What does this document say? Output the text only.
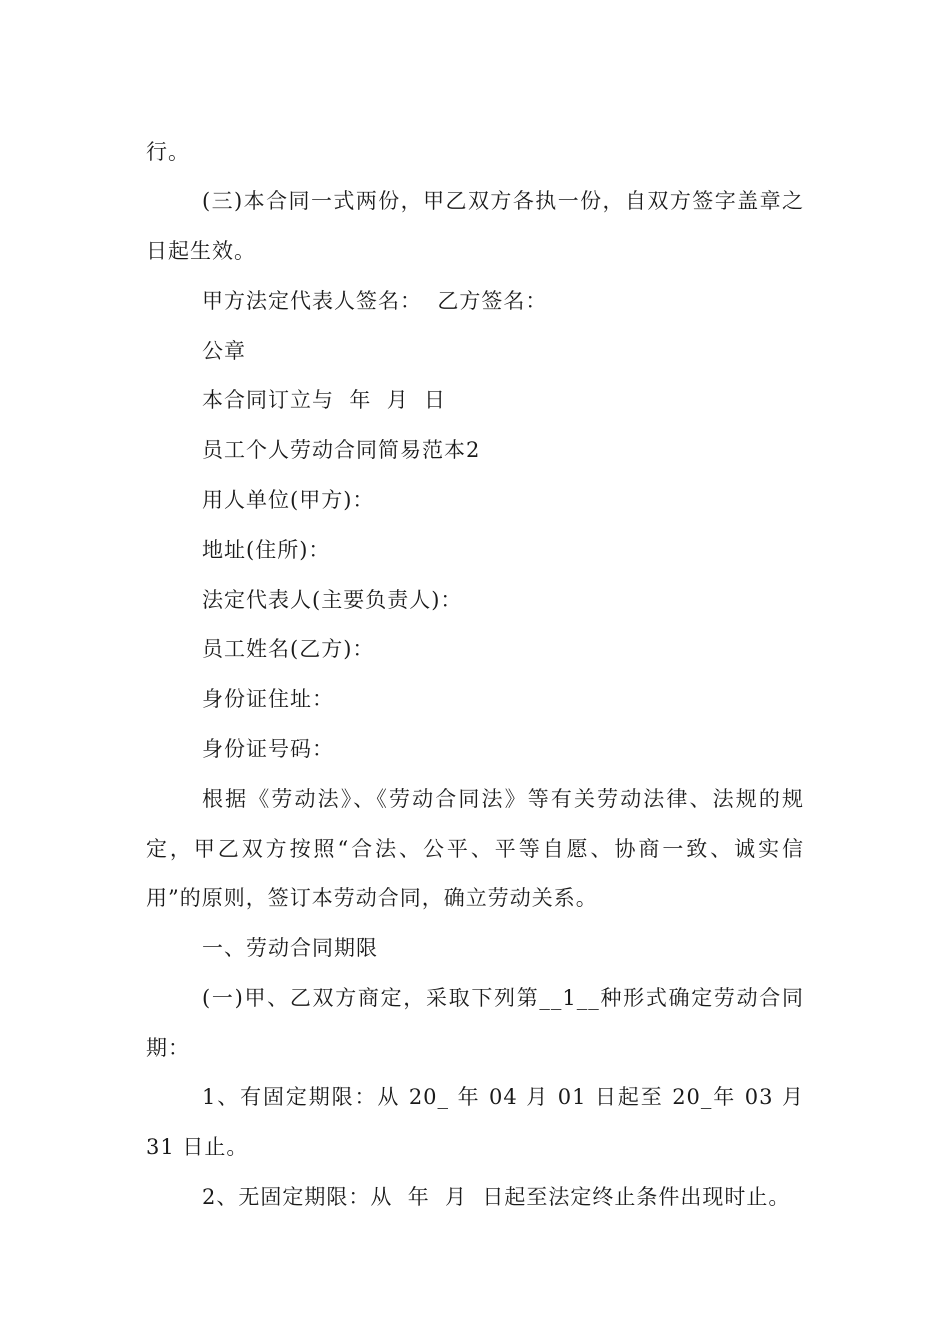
行。
(三)本合同一式两份，甲乙双方各执一份，自双方签字盖章之
日起生效。
甲方法定代表人签名：  乙方签名：
公章
本合同订立与  年  月  日
员工个人劳动合同简易范本2
用人单位(甲方)：
地址(住所)：
法定代表人(主要负责人)：
员工姓名(乙方)：
身份证住址：
身份证号码：
根据《劳动法》、《劳动合同法》等有关劳动法律、法规的规
定，甲乙双方按照“合法、公平、平等自愿、协商一致、诚实信
用”的原则，签订本劳动合同，确立劳动关系。
一、劳动合同期限
(一)甲、乙双方商定，采取下列第__1__种形式确定劳动合同
期：
1、有固定期限：从 20_ 年 04 月 01 日起至 20_年 03 月
31 日止。
2、无固定期限：从  年  月  日起至法定终止条件出现时止。
